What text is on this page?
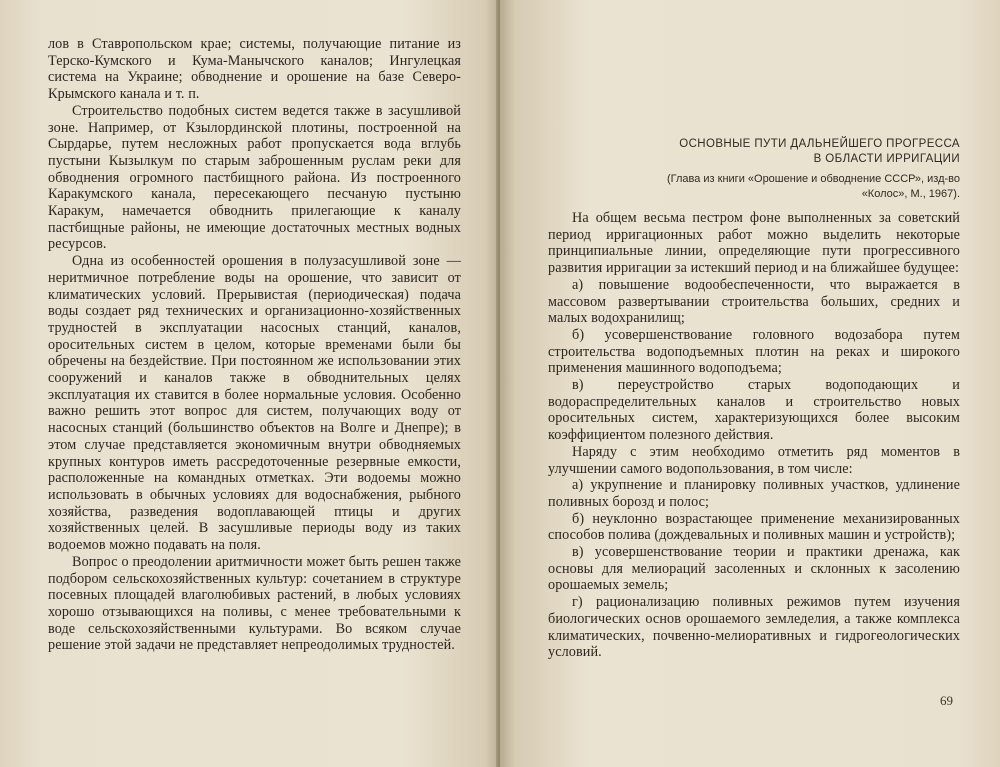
лов в Ставропольском крае; системы, получающие питание из Терско-Кумского и Кума-Манычского каналов; Ингулецкая система на Украине; обводнение и орошение на базе Северо-Крымского канала и т. п.

Строительство подобных систем ведется также в засушливой зоне. Например, от Кзылординской плотины, построенной на Сырдарье, путем несложных работ пропускается вода вглубь пустыни Кызылкум по старым заброшенным руслам реки для обводнения огромного пастбищного района. Из построенного Каракумского канала, пересекающего песчаную пустыню Каракум, намечается обводнить прилегающие к каналу пастбищные районы, не имеющие достаточных местных водных ресурсов.

Одна из особенностей орошения в полузасушливой зоне — неритмичное потребление воды на орошение, что зависит от климатических условий. Прерывистая (периодическая) подача воды создает ряд технических и организационно-хозяйственных трудностей в эксплуатации насосных станций, каналов, оросительных систем в целом, которые временами были бы обречены на бездействие. При постоянном же использовании этих сооружений и каналов также в обводнительных целях эксплуатация их ставится в более нормальные условия. Особенно важно решить этот вопрос для систем, получающих воду от насосных станций (большинство объектов на Волге и Днепре); в этом случае представляется экономичным внутри обводняемых крупных контуров иметь рассредоточенные резервные емкости, расположенные на командных отметках. Эти водоемы можно использовать в обычных условиях для водоснабжения, рыбного хозяйства, разведения водоплавающей птицы и других хозяйственных целей. В засушливые периоды воду из таких водоемов можно подавать на поля.

Вопрос о преодолении аритмичности может быть решен также подбором сельскохозяйственных культур: сочетанием в структуре посевных площадей влаголюбивых растений, в любых условиях хорошо отзывающихся на поливы, с менее требовательными к воде сельскохозяйственными культурами. Во всяком случае решение этой задачи не представляет непреодолимых трудностей.

ОСНОВНЫЕ ПУТИ ДАЛЬНЕЙШЕГО ПРОГРЕССА
В ОБЛАСТИ ИРРИГАЦИИ
(Глава из книги «Орошение и обводнение СССР», изд-во
«Колос», М., 1967).

На общем весьма пестром фоне выполненных за советский период ирригационных работ можно выделить некоторые принципиальные линии, определяющие пути прогрессивного развития ирригации за истекший период и на ближайшее будущее:

а) повышение водообеспеченности, что выражается в массовом развертывании строительства больших, средних и малых водохранилищ;

б) усовершенствование головного водозабора путем строительства водоподъемных плотин на реках и широкого применения машинного водоподъема;

в) переустройство старых водоподающих и водораспределительных каналов и строительство новых оросительных систем, характеризующихся более высоким коэффициентом полезного действия.

Наряду с этим необходимо отметить ряд моментов в улучшении самого водопользования, в том числе:

а) укрупнение и планировку поливных участков, удлинение поливных борозд и полос;

б) неуклонно возрастающее применение механизированных способов полива (дождевальных и поливных машин и устройств);

в) усовершенствование теории и практики дренажа, как основы для мелиораций засоленных и склонных к засолению орошаемых земель;

г) рационализацию поливных режимов путем изучения биологических основ орошаемого земледелия, а также комплекса климатических, почвенно-мелиоративных и гидрогеологических условий.

69
